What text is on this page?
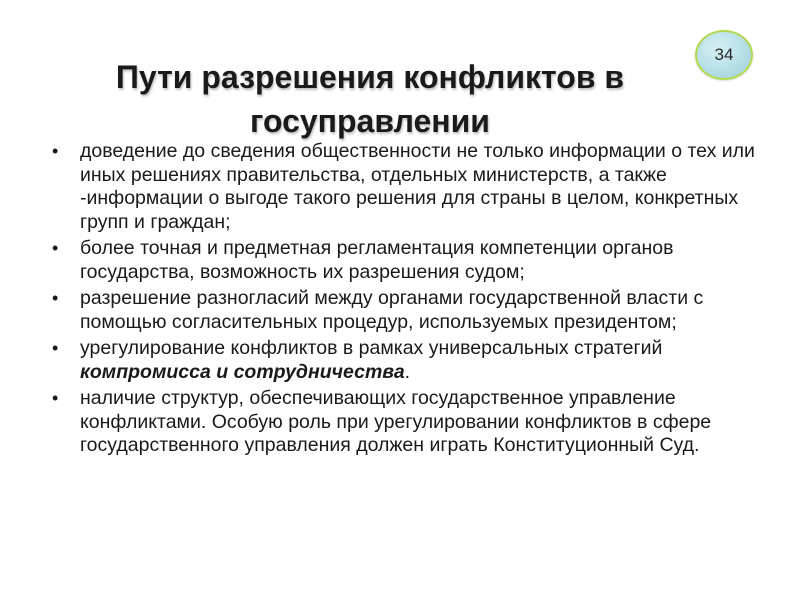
Пути разрешения конфликтов в
госуправлении
34
• доведение до сведения общественности не только информации о тех или иных решениях правительства, отдельных министерств, а также -информации о выгоде такого решения для страны в целом, конкретных групп и граждан;
• более точная и предметная регламентация компетенции органов государства, возможность их разрешения судом;
• разрешение разногласий между органами государственной власти с помощью согласительных процедур, используемых президентом;
• урегулирование конфликтов в рамках универсальных стратегий компромисса и сотрудничества.
• наличие структур, обеспечивающих государственное управление конфликтами. Особую роль при урегулировании конфликтов в сфере государственного управления должен играть Конституционный Суд.
